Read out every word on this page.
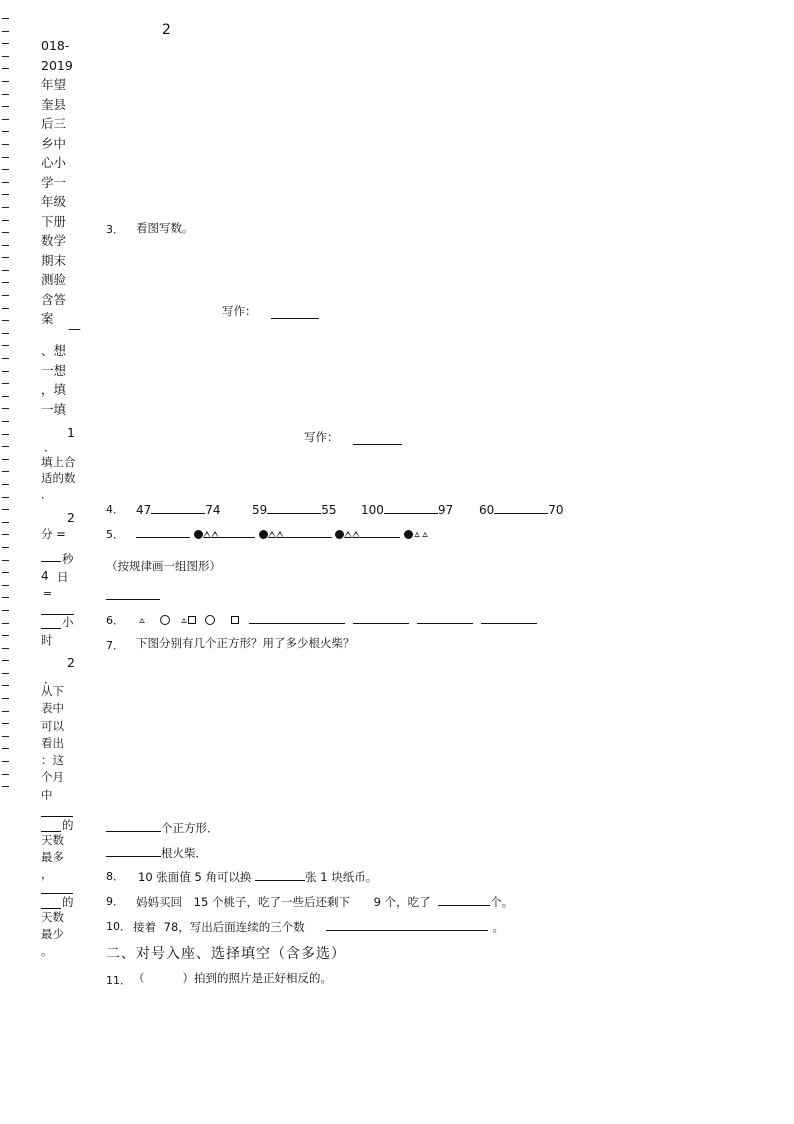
2
018-
2019
年望
奎县
后三
乡中
心小
学一
年级
下册
数学
期末
测验
含答
案
—
、想
一想
，填
一填
1
．
填上合
适的数
．
2
分 =
秒
4 日
=
小
时
2
．
从下
表中
可以
看出
：这
个月
中
的
天数
最多
，
的
天数
最少
。
3． 看图写数。
写作：
写作：
4． 47	74	59	55 100	97 60	70
5．

（按规律画一组图形）
6．

7． 下图分别有几个正方形？用了多少根火柴？
个正方形．
根火柴．
8． 10 张面值 5 角可以换	张 1 块纸币。
9． 妈妈买回 15 个桃子，吃了一些后还剩下 9 个，吃了	个。
10． 接着 78，写出后面连续的三个数	。
二、对号入座、选择填空（含多选）
11． （	）拍到的照片是正好相反的。
